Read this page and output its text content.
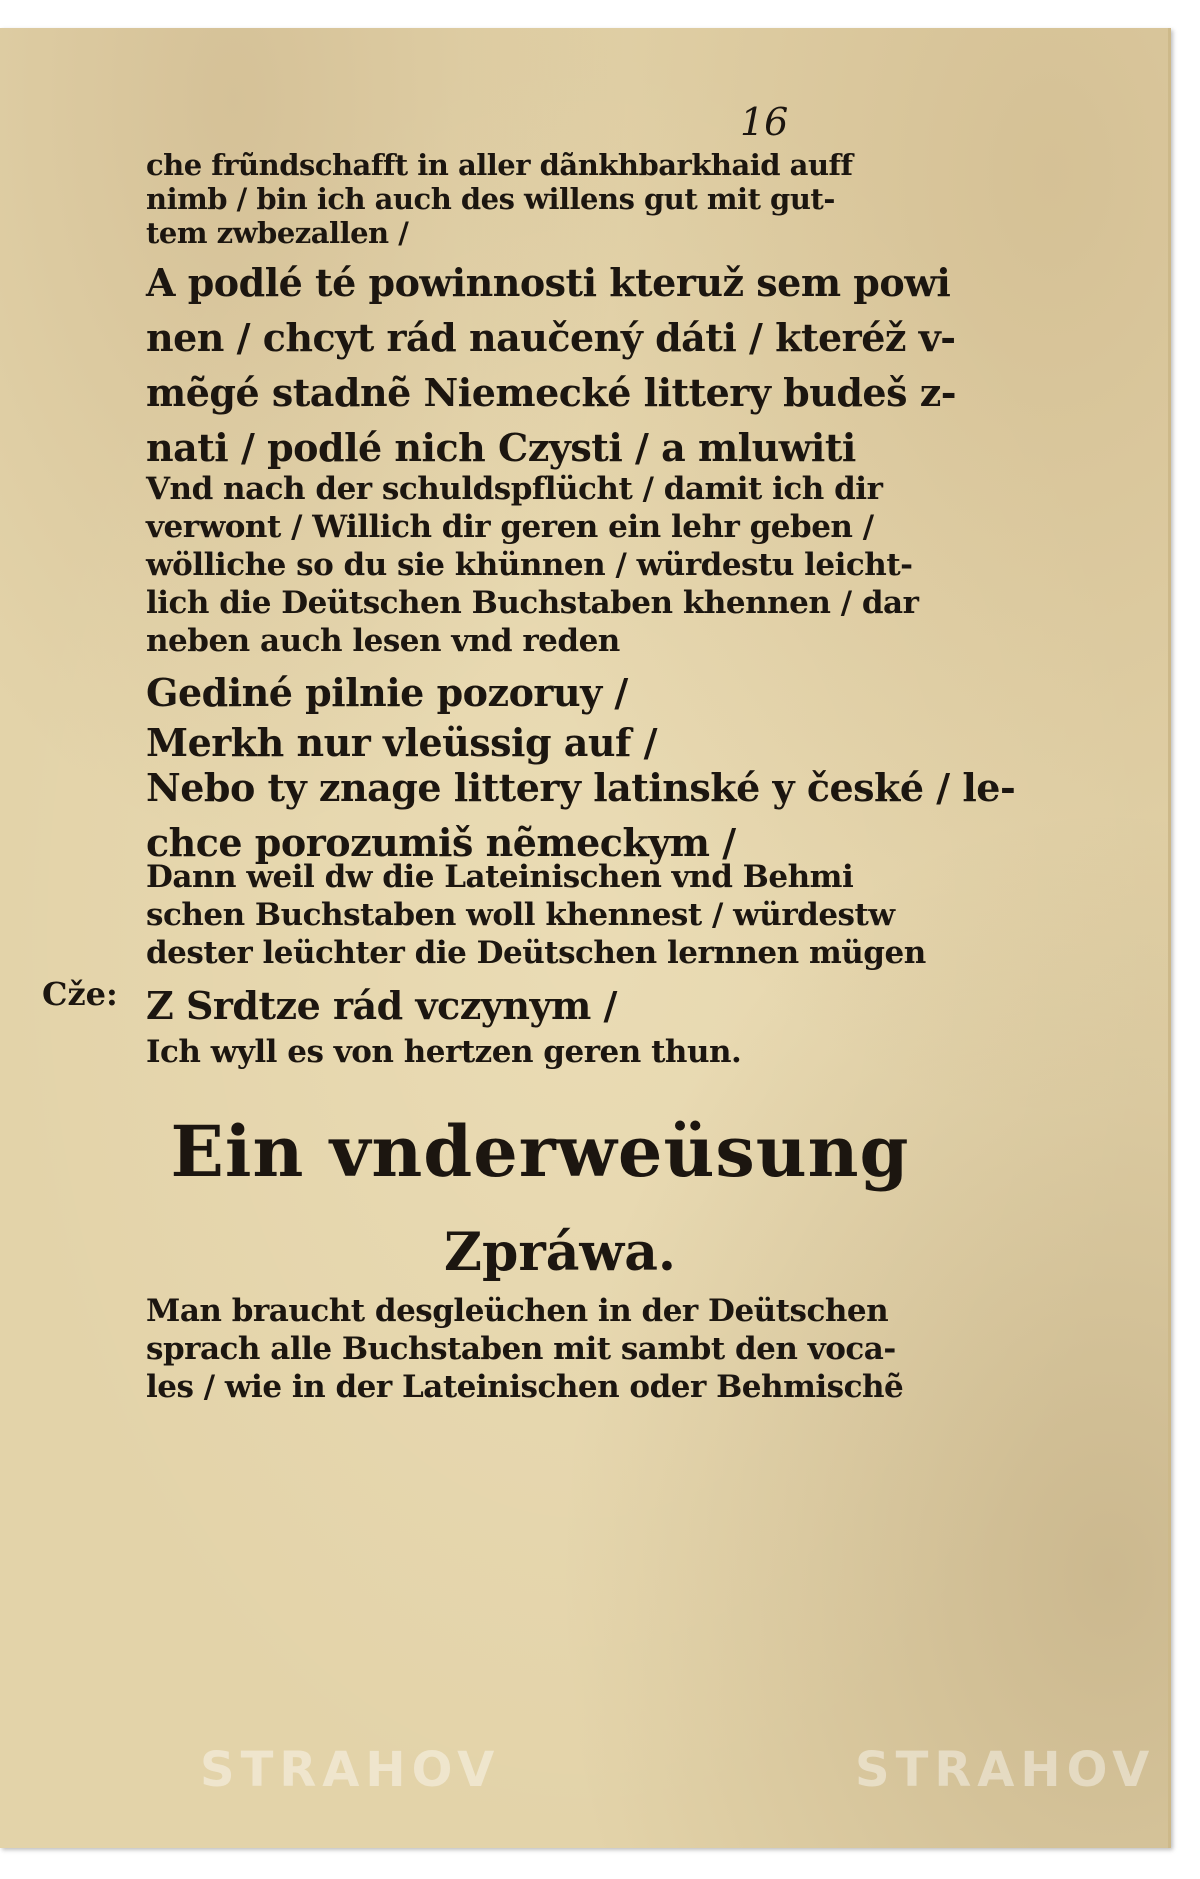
16
che frũndschafft in aller dãnkhbarkhaid auff
nimb / bin ich auch des willens gut mit gut-
tem zwbezallen /
A podlé té powinnosti kteruž sem powi
nen / chcyt rád naučený dáti / kteréž v-
mẽgé stadnẽ Niemecké littery budeš z-
nati / podlé nich Czysti / a mluwiti
Vnd nach der schuldspflücht / damit ich dir
verwont / Willich dir geren ein lehr geben /
wölliche so du sie khünnen / würdestu leicht-
lich die Deütschen Buchstaben khennen / dar
neben auch lesen vnd reden
Gediné pilnie pozoruy /
Merkh nur vleüssig auf /
Nebo ty znage littery latinské y české / le-
chce porozumiš nẽmeckym /
Dann weil dw die Lateinischen vnd Behmi
schen Buchstaben woll khennest / würdestw
dester leüchter die Deütschen lernnen mügen
Cže: Z Srdtze rád vczynym /
Ich wyll es von hertzen geren thun.
Ein vnderweüsung
Zpráwa.
Man braucht desgleüchen in der Deütschen
sprach alle Buchstaben mit sambt den voca-
les / wie in der Lateinischen oder Behmischẽ
STRAHOV	STRAHOV
